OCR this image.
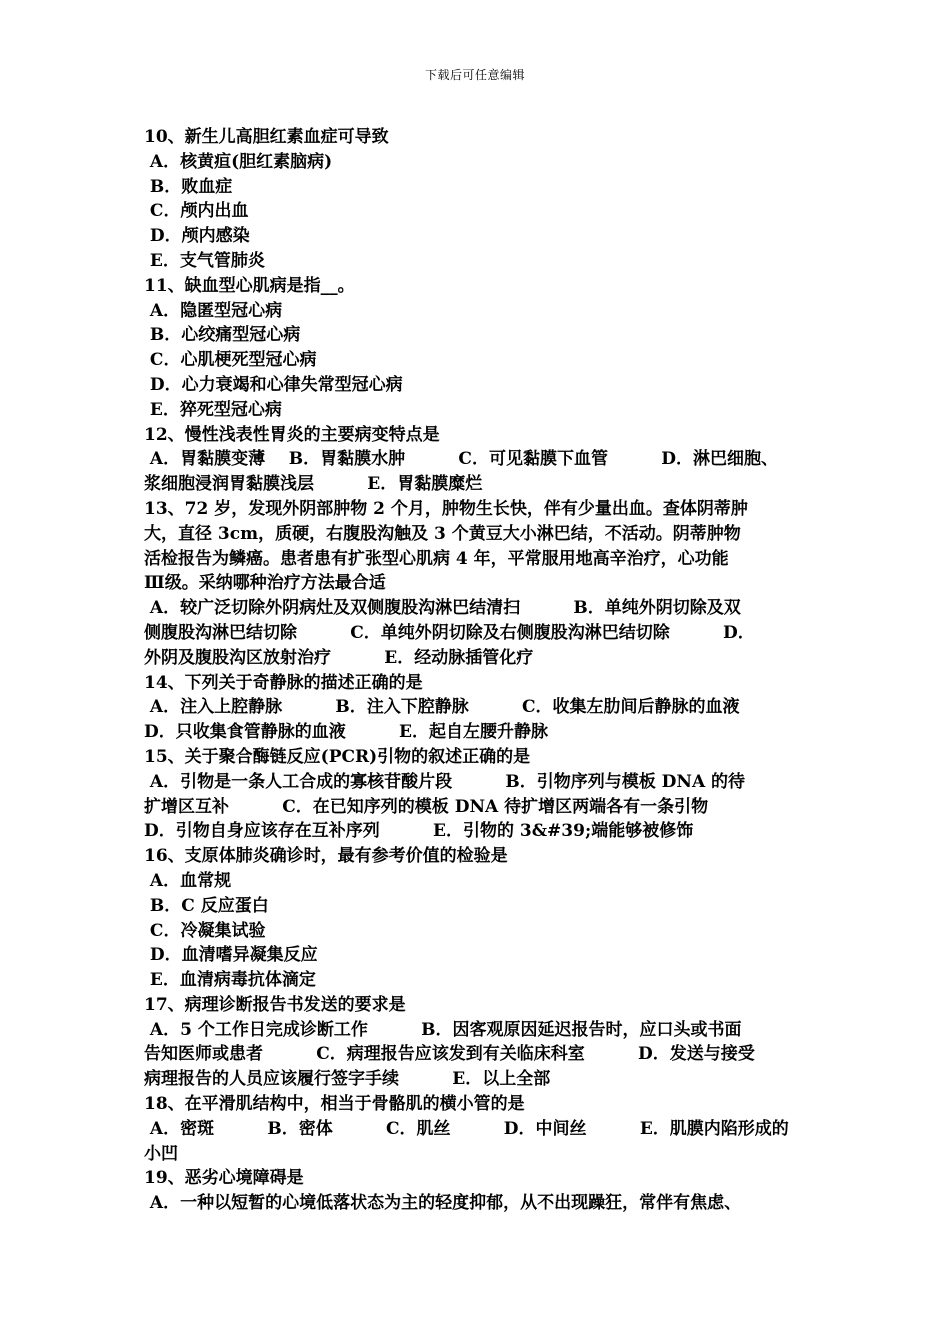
下载后可任意编辑
10、新生儿高胆红素血症可导致
A．核黄疸(胆红素脑病)
B．败血症
C．颅内出血
D．颅内感染
E．支气管肺炎
11、缺血型心肌病是指__。
A．隐匿型冠心病
B．心绞痛型冠心病
C．心肌梗死型冠心病
D．心力衰竭和心律失常型冠心病
E．猝死型冠心病
12、慢性浅表性胃炎的主要病变特点是
A．胃黏膜变薄    B．胃黏膜水肿         C．可见黏膜下血管         D．淋巴细胞、
浆细胞浸润胃黏膜浅层         E．胃黏膜糜烂
13、72 岁，发现外阴部肿物 2 个月，肿物生长快，伴有少量出血。查体阴蒂肿
大，直径 3cm，质硬，右腹股沟触及 3 个黄豆大小淋巴结，不活动。阴蒂肿物
活检报告为鳞癌。患者患有扩张型心肌病 4 年，平常服用地高辛治疗，心功能
Ⅲ级。采纳哪种治疗方法最合适
A．较广泛切除外阴病灶及双侧腹股沟淋巴结清扫         B．单纯外阴切除及双
侧腹股沟淋巴结切除         C．单纯外阴切除及右侧腹股沟淋巴结切除         D．
外阴及腹股沟区放射治疗         E．经动脉插管化疗
14、下列关于奇静脉的描述正确的是
A．注入上腔静脉         B．注入下腔静脉         C．收集左肋间后静脉的血液
D．只收集食管静脉的血液         E．起自左腰升静脉
15、关于聚合酶链反应(PCR)引物的叙述正确的是
A．引物是一条人工合成的寡核苷酸片段         B．引物序列与模板 DNA 的待
扩增区互补         C．在已知序列的模板 DNA 待扩增区两端各有一条引物
D．引物自身应该存在互补序列         E．引物的 3&#39;端能够被修饰
16、支原体肺炎确诊时，最有参考价值的检验是
A．血常规
B．C 反应蛋白
C．冷凝集试验
D．血清嗜异凝集反应
E．血清病毒抗体滴定
17、病理诊断报告书发送的要求是
A．5 个工作日完成诊断工作         B．因客观原因延迟报告时，应口头或书面
告知医师或患者         C．病理报告应该发到有关临床科室         D．发送与接受
病理报告的人员应该履行签字手续         E．以上全部
18、在平滑肌结构中，相当于骨骼肌的横小管的是
A．密斑         B．密体         C．肌丝         D．中间丝         E．肌膜内陷形成的
小凹
19、恶劣心境障碍是
A．一种以短暂的心境低落状态为主的轻度抑郁，从不出现躁狂，常伴有焦虑、
